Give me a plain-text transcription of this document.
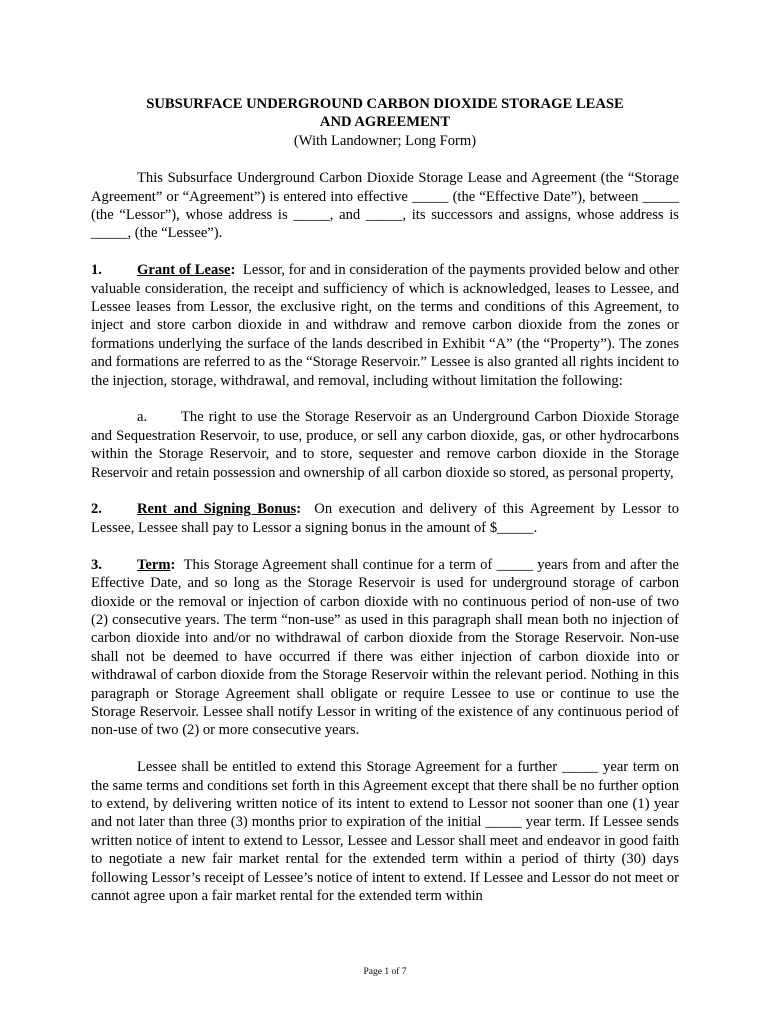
SUBSURFACE UNDERGROUND CARBON DIOXIDE STORAGE LEASE
AND AGREEMENT
(With Landowner; Long Form)

This Subsurface Underground Carbon Dioxide Storage Lease and Agreement (the “Storage Agreement” or “Agreement”) is entered into effective _____ (the “Effective Date”), between _____ (the “Lessor”), whose address is _____, and _____, its successors and assigns, whose address is _____, (the “Lessee”).

1. Grant of Lease: Lessor, for and in consideration of the payments provided below and other valuable consideration, the receipt and sufficiency of which is acknowledged, leases to Lessee, and Lessee leases from Lessor, the exclusive right, on the terms and conditions of this Agreement, to inject and store carbon dioxide in and withdraw and remove carbon dioxide from the zones or formations underlying the surface of the lands described in Exhibit “A” (the “Property”). The zones and formations are referred to as the “Storage Reservoir.” Lessee is also granted all rights incident to the injection, storage, withdrawal, and removal, including without limitation the following:

a. The right to use the Storage Reservoir as an Underground Carbon Dioxide Storage and Sequestration Reservoir, to use, produce, or sell any carbon dioxide, gas, or other hydrocarbons within the Storage Reservoir, and to store, sequester and remove carbon dioxide in the Storage Reservoir and retain possession and ownership of all carbon dioxide so stored, as personal property,

2. Rent and Signing Bonus: On execution and delivery of this Agreement by Lessor to Lessee, Lessee shall pay to Lessor a signing bonus in the amount of $_____.

3. Term: This Storage Agreement shall continue for a term of _____ years from and after the Effective Date, and so long as the Storage Reservoir is used for underground storage of carbon dioxide or the removal or injection of carbon dioxide with no continuous period of non-use of two (2) consecutive years. The term “non-use” as used in this paragraph shall mean both no injection of carbon dioxide into and/or no withdrawal of carbon dioxide from the Storage Reservoir. Non-use shall not be deemed to have occurred if there was either injection of carbon dioxide into or withdrawal of carbon dioxide from the Storage Reservoir within the relevant period. Nothing in this paragraph or Storage Agreement shall obligate or require Lessee to use or continue to use the Storage Reservoir. Lessee shall notify Lessor in writing of the existence of any continuous period of non-use of two (2) or more consecutive years.

Lessee shall be entitled to extend this Storage Agreement for a further _____ year term on the same terms and conditions set forth in this Agreement except that there shall be no further option to extend, by delivering written notice of its intent to extend to Lessor not sooner than one (1) year and not later than three (3) months prior to expiration of the initial _____ year term. If Lessee sends written notice of intent to extend to Lessor, Lessee and Lessor shall meet and endeavor in good faith to negotiate a new fair market rental for the extended term within a period of thirty (30) days following Lessor’s receipt of Lessee’s notice of intent to extend. If Lessee and Lessor do not meet or cannot agree upon a fair market rental for the extended term within

Page 1 of 7
